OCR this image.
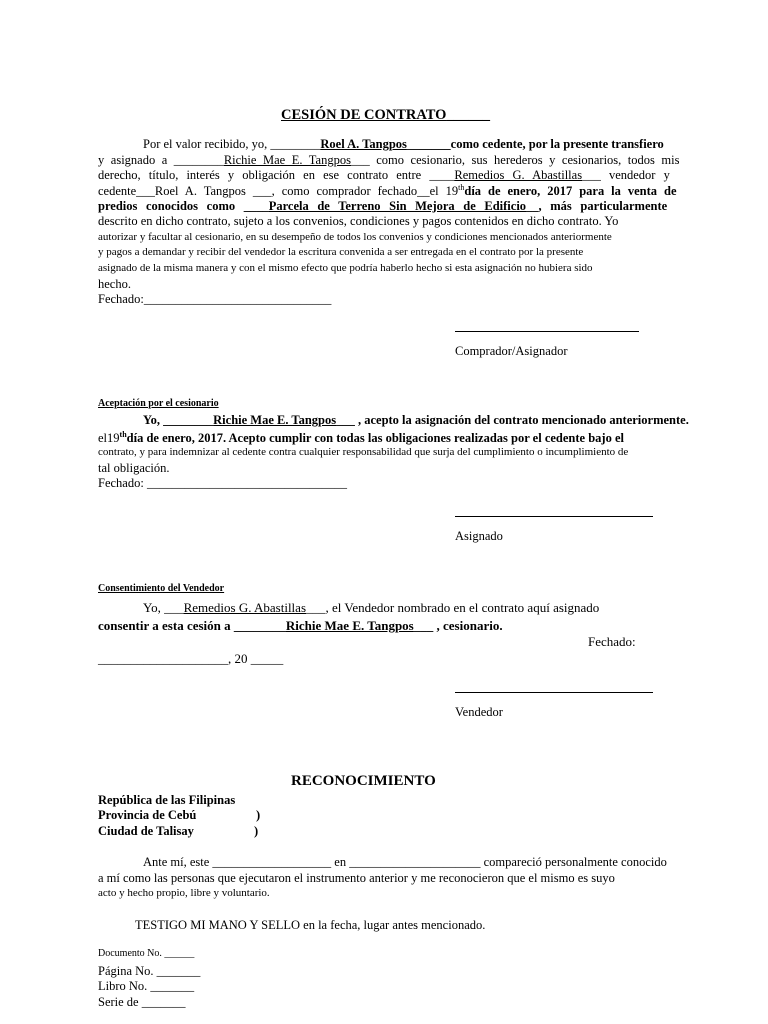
CESIÓN DE CONTRATO______
Por el valor recibido, yo, ________Roel A. Tangpos_______como cedente, por la presente transfiero
y asignado a ________Richie Mae E. Tangpos___ como cesionario, sus herederos y cesionarios, todos mis
derecho, título, interés y obligación en ese contrato entre ____Remedios G. Abastillas___ vendedor y
cedente___Roel A. Tangpos ___, como comprador fechado__el 19thdía de enero, 2017 para la venta de
predios conocidos como ____Parcela de Terreno Sin Mejora de Edificio__, más particularmente
descrito en dicho contrato, sujeto a los convenios, condiciones y pagos contenidos en dicho contrato. Yo
autorizar y facultar al cesionario, en su desempeño de todos los convenios y condiciones mencionados anteriormente
y pagos a demandar y recibir del vendedor la escritura convenida a ser entregada en el contrato por la presente
asignado de la misma manera y con el mismo efecto que podría haberlo hecho si esta asignación no hubiera sido
hecho.
Fechado:______________________________
Comprador/Asignador
Aceptación por el cesionario
Yo, ________Richie Mae E. Tangpos___ , acepto la asignación del contrato mencionado anteriormente.
el19thdía de enero, 2017. Acepto cumplir con todas las obligaciones realizadas por el cedente bajo el
contrato, y para indemnizar al cedente contra cualquier responsabilidad que surja del cumplimiento o incumplimiento de
tal obligación.
Fechado: ________________________________
Asignado
Consentimiento del Vendedor
Yo, ___Remedios G. Abastillas___, el Vendedor nombrado en el contrato aquí asignado
consentir a esta cesión a ________Richie Mae E. Tangpos___ , cesionario.
Fechado:
____________________, 20 _____
Vendedor
RECONOCIMIENTO
República de las Filipinas
Provincia de Cebú	)
Ciudad de Talisay	)
Ante mí, este ___________________ en _____________________ compareció personalmente conocido
a mí como las personas que ejecutaron el instrumento anterior y me reconocieron que el mismo es suyo
acto y hecho propio, libre y voluntario.
TESTIGO MI MANO Y SELLO en la fecha, lugar antes mencionado.
Documento No. ______
Página No. _______
Libro No. _______
Serie de _______
